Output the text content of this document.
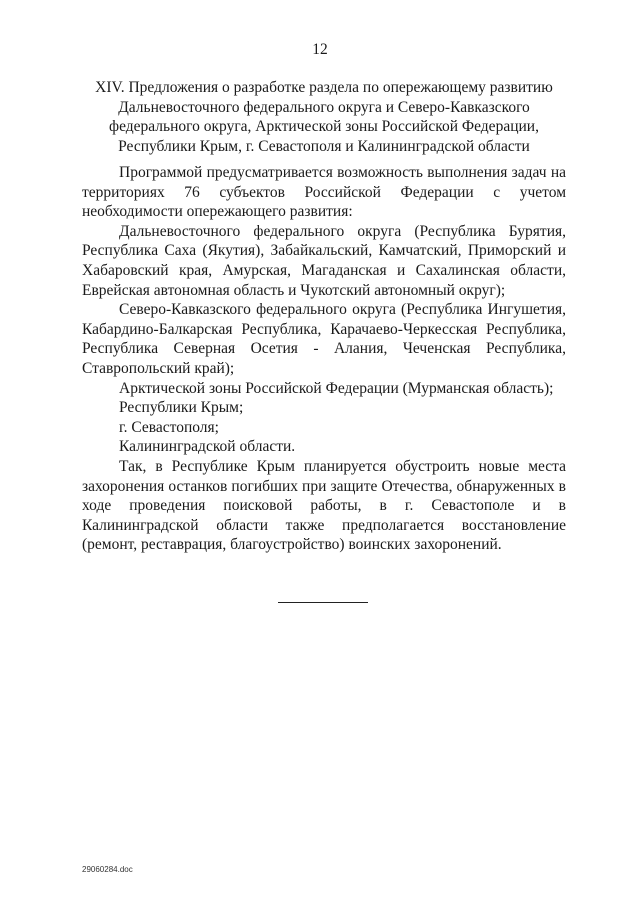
12
XIV. Предложения о разработке раздела по опережающему развитию
Дальневосточного федерального округа и Северо-Кавказского
федерального округа, Арктической зоны Российской Федерации,
Республики Крым, г. Севастополя и Калининградской области

Программой предусматривается возможность выполнения задач на территориях 76 субъектов Российской Федерации с учетом необходимости опережающего развития:

Дальневосточного федерального округа (Республика Бурятия, Республика Саха (Якутия), Забайкальский, Камчатский, Приморский и Хабаровский края, Амурская, Магаданская и Сахалинская области, Еврейская автономная область и Чукотский автономный округ);

Северо-Кавказского федерального округа (Республика Ингушетия, Кабардино-Балкарская Республика, Карачаево-Черкесская Республика, Республика Северная Осетия - Алания, Чеченская Республика, Ставропольский край);

Арктической зоны Российской Федерации (Мурманская область);

Республики Крым;

г. Севастополя;

Калининградской области.

Так, в Республике Крым планируется обустроить новые места захоронения останков погибших при защите Отечества, обнаруженных в ходе проведения поисковой работы, в г. Севастополе и в Калининградской области также предполагается восстановление (ремонт, реставрация, благоустройство) воинских захоронений.

29060284.doc
